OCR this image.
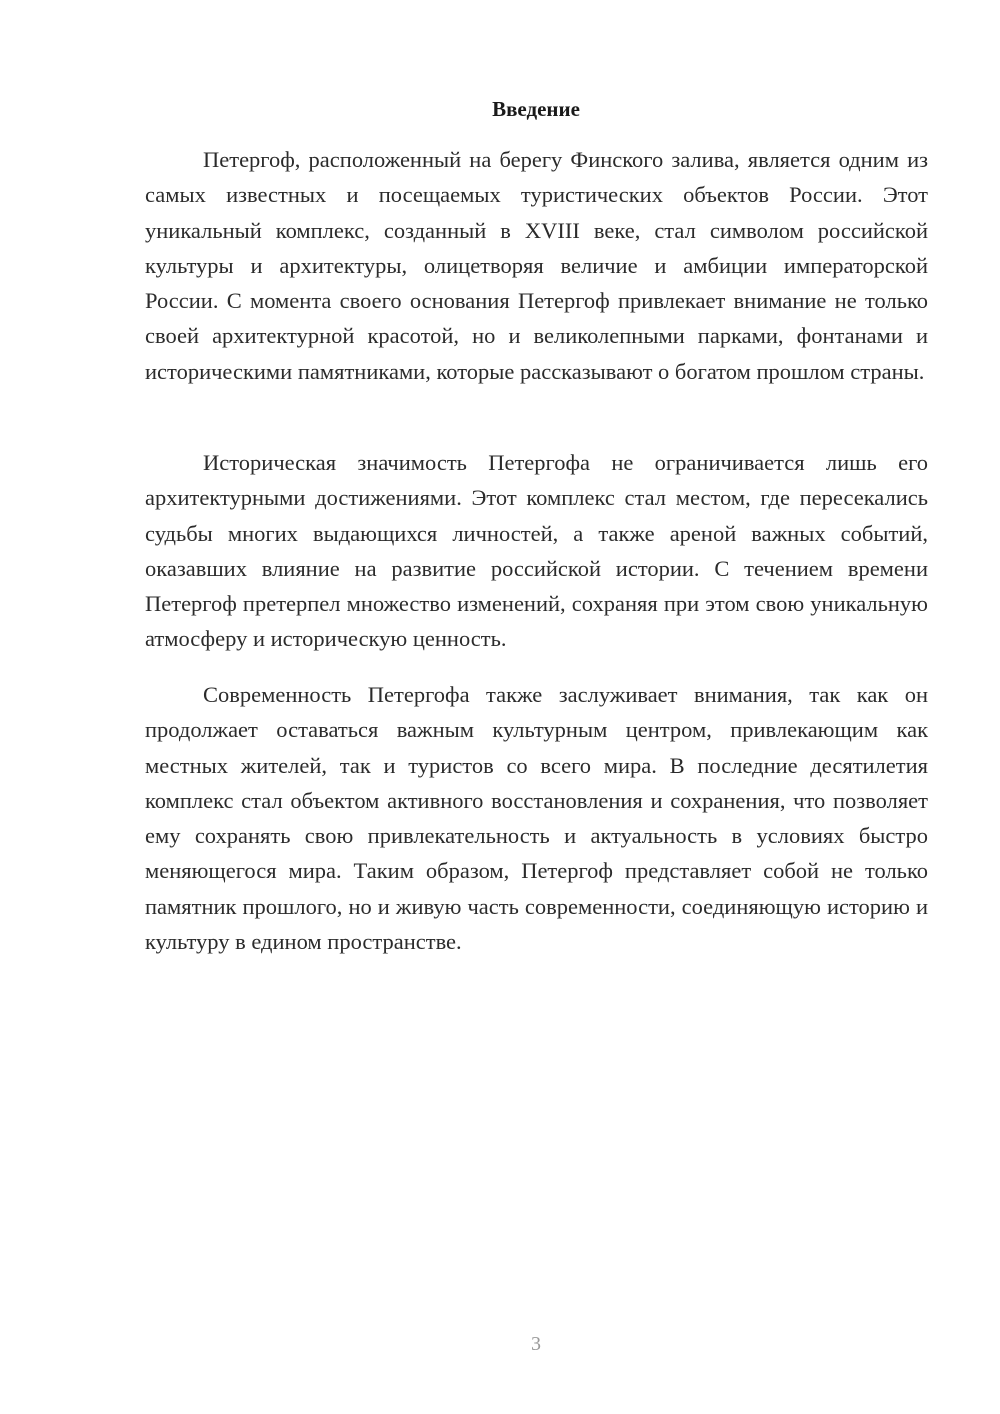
Введение

Петергоф, расположенный на берегу Финского залива, является одним из самых известных и посещаемых туристических объектов России. Этот уникальный комплекс, созданный в XVIII веке, стал символом российской культуры и архитектуры, олицетворяя величие и амбиции императорской России. С момента своего основания Петергоф привлекает внимание не только своей архитектурной красотой, но и великолепными парками, фонтанами и историческими памятниками, которые рассказывают о богатом прошлом страны.

Историческая значимость Петергофа не ограничивается лишь его архитектурными достижениями. Этот комплекс стал местом, где пересекались судьбы многих выдающихся личностей, а также ареной важных событий, оказавших влияние на развитие российской истории. С течением времени Петергоф претерпел множество изменений, сохраняя при этом свою уникальную атмосферу и историческую ценность.

Современность Петергофа также заслуживает внимания, так как он продолжает оставаться важным культурным центром, привлекающим как местных жителей, так и туристов со всего мира. В последние десятилетия комплекс стал объектом активного восстановления и сохранения, что позволяет ему сохранять свою привлекательность и актуальность в условиях быстро меняющегося мира. Таким образом, Петергоф представляет собой не только памятник прошлого, но и живую часть современности, соединяющую историю и культуру в едином пространстве.

3
